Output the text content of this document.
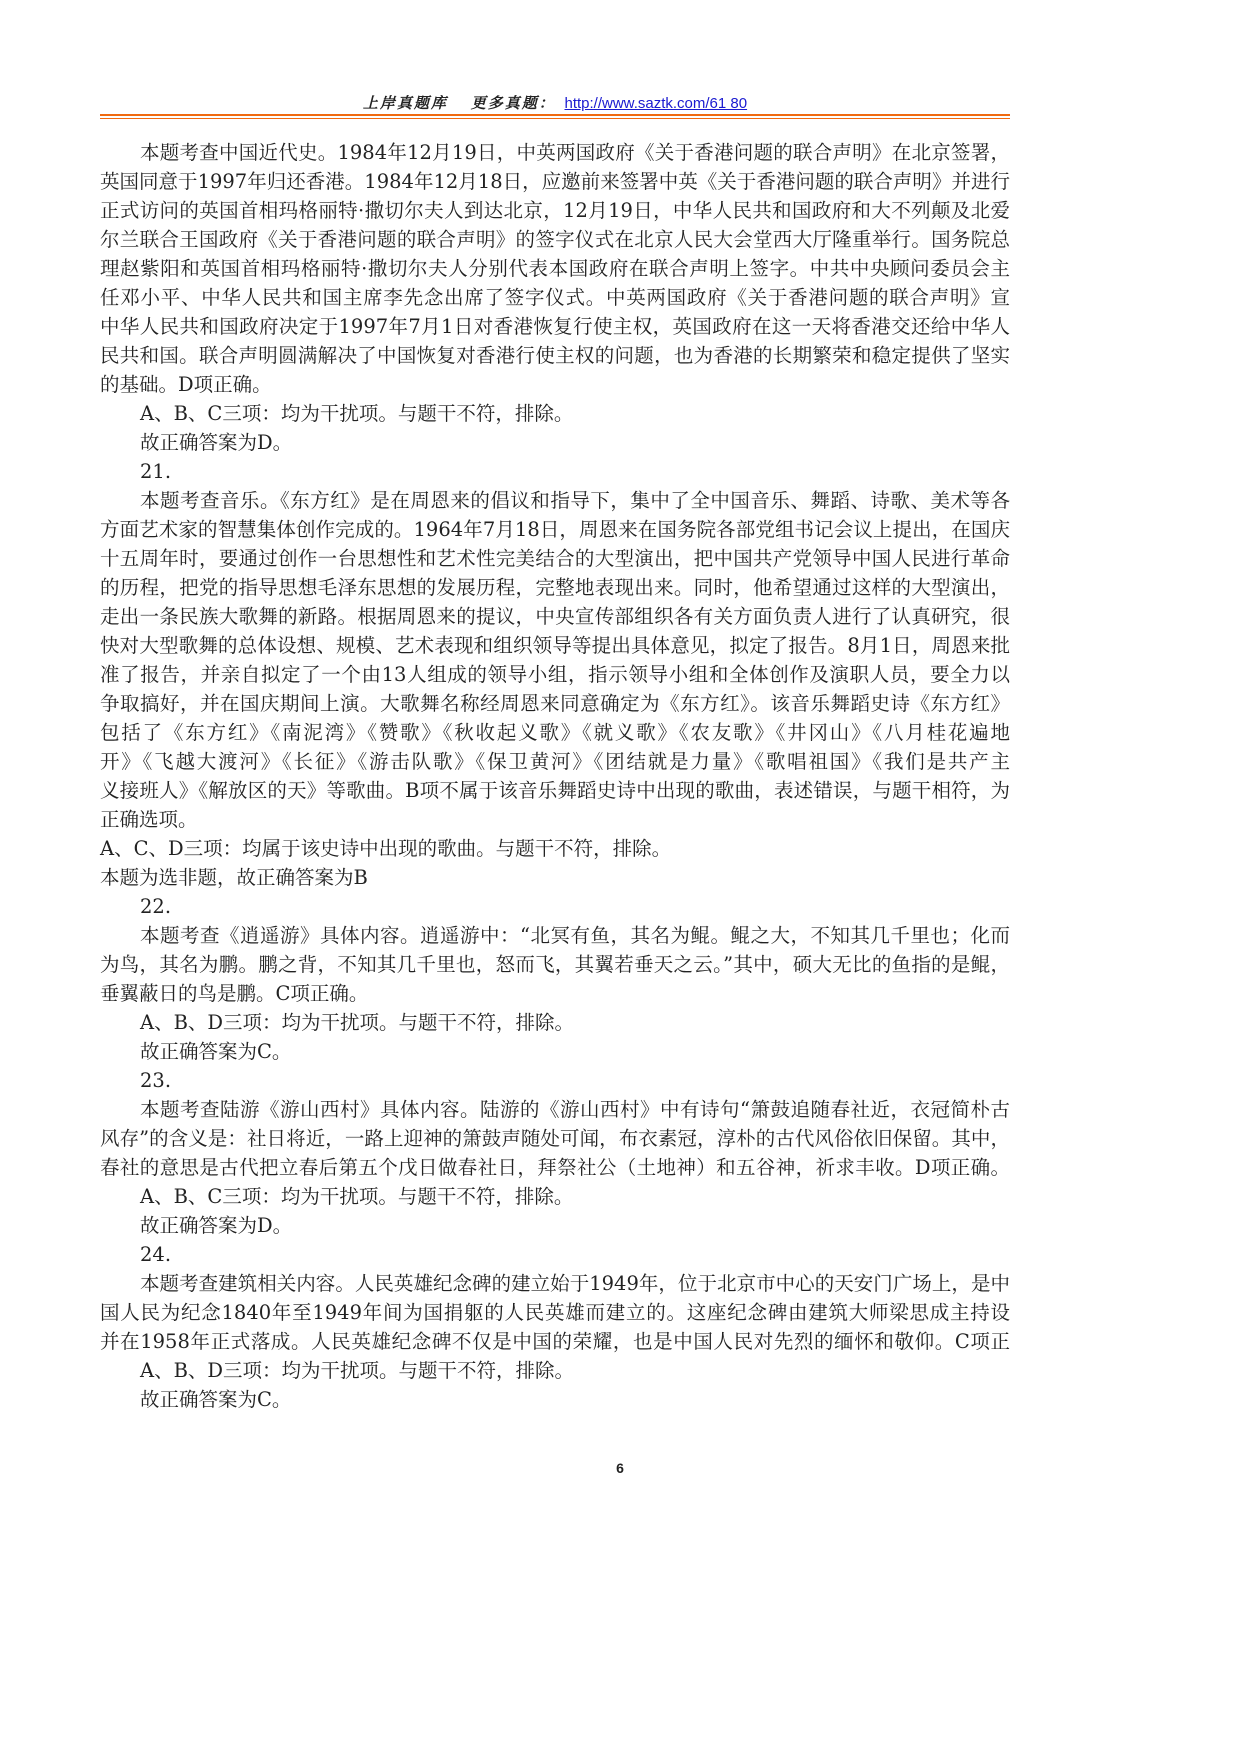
上岸真题库 更多真题： http://www.saztk.com/61 80
本题考查中国近代史。1984年12月19日，中英两国政府《关于香港问题的联合声明》在北京签署，
英国同意于1997年归还香港。1984年12月18日，应邀前来签署中英《关于香港问题的联合声明》并进行
正式访问的英国首相玛格丽特·撒切尔夫人到达北京，12月19日，中华人民共和国政府和大不列颠及北爱
尔兰联合王国政府《关于香港问题的联合声明》的签字仪式在北京人民大会堂西大厅隆重举行。国务院总
理赵紫阳和英国首相玛格丽特·撒切尔夫人分别代表本国政府在联合声明上签字。中共中央顾问委员会主
任邓小平、中华人民共和国主席李先念出席了签字仪式。中英两国政府《关于香港问题的联合声明》宣
中华人民共和国政府决定于1997年7月1日对香港恢复行使主权，英国政府在这一天将香港交还给中华人
民共和国。联合声明圆满解决了中国恢复对香港行使主权的问题，也为香港的长期繁荣和稳定提供了坚实
的基础。D项正确。
A、B、C三项：均为干扰项。与题干不符，排除。
故正确答案为D。
21.
本题考查音乐。《东方红》是在周恩来的倡议和指导下，集中了全中国音乐、舞蹈、诗歌、美术等各
方面艺术家的智慧集体创作完成的。1964年7月18日，周恩来在国务院各部党组书记会议上提出，在国庆
十五周年时，要通过创作一台思想性和艺术性完美结合的大型演出，把中国共产党领导中国人民进行革命
的历程，把党的指导思想毛泽东思想的发展历程，完整地表现出来。同时，他希望通过这样的大型演出，
走出一条民族大歌舞的新路。根据周恩来的提议，中央宣传部组织各有关方面负责人进行了认真研究，很
快对大型歌舞的总体设想、规模、艺术表现和组织领导等提出具体意见，拟定了报告。8月1日，周恩来批
准了报告，并亲自拟定了一个由13人组成的领导小组，指示领导小组和全体创作及演职人员，要全力以
争取搞好，并在国庆期间上演。大歌舞名称经周恩来同意确定为《东方红》。该音乐舞蹈史诗《东方红》
包括了《东方红》《南泥湾》《赞歌》《秋收起义歌》《就义歌》《农友歌》《井冈山》《八月桂花遍地
开》《飞越大渡河》《长征》《游击队歌》《保卫黄河》《团结就是力量》《歌唱祖国》《我们是共产主
义接班人》《解放区的天》等歌曲。B项不属于该音乐舞蹈史诗中出现的歌曲，表述错误，与题干相符，为
正确选项。
A、C、D三项：均属于该史诗中出现的歌曲。与题干不符，排除。
本题为选非题，故正确答案为B
22.
本题考查《逍遥游》具体内容。逍遥游中：“北冥有鱼，其名为鲲。鲲之大，不知其几千里也；化而
为鸟，其名为鹏。鹏之背，不知其几千里也，怒而飞，其翼若垂天之云。”其中，硕大无比的鱼指的是鲲，
垂翼蔽日的鸟是鹏。C项正确。
A、B、D三项：均为干扰项。与题干不符，排除。
故正确答案为C。
23.
本题考查陆游《游山西村》具体内容。陆游的《游山西村》中有诗句“箫鼓追随春社近，衣冠简朴古
风存”的含义是：社日将近，一路上迎神的箫鼓声随处可闻，布衣素冠，淳朴的古代风俗依旧保留。其中，
春社的意思是古代把立春后第五个戊日做春社日，拜祭社公（土地神）和五谷神，祈求丰收。D项正确。
A、B、C三项：均为干扰项。与题干不符，排除。
故正确答案为D。
24.
本题考查建筑相关内容。人民英雄纪念碑的建立始于1949年，位于北京市中心的天安门广场上，是中
国人民为纪念1840年至1949年间为国捐躯的人民英雄而建立的。这座纪念碑由建筑大师梁思成主持设
并在1958年正式落成。人民英雄纪念碑不仅是中国的荣耀，也是中国人民对先烈的缅怀和敬仰。C项正
A、B、D三项：均为干扰项。与题干不符，排除。
故正确答案为C。
6
